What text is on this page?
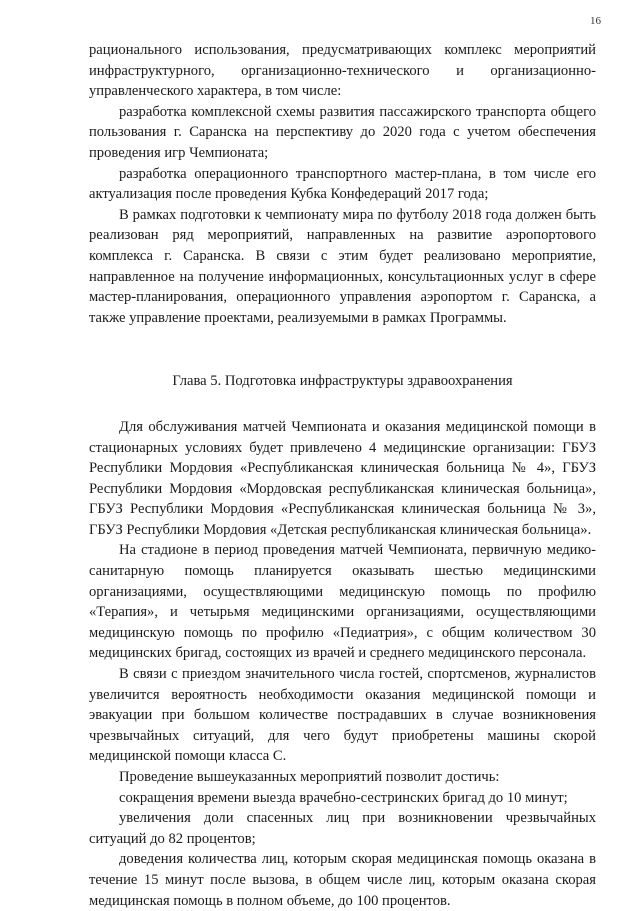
16

рационального использования, предусматривающих комплекс мероприятий инфраструктурного, организационно-технического и организационно-управленческого характера, в том числе:

разработка комплексной схемы развития пассажирского транспорта общего пользования г. Саранска на перспективу до 2020 года с учетом обеспечения проведения игр Чемпионата;

разработка операционного транспортного мастер-плана, в том числе его актуализация после проведения Кубка Конфедераций 2017 года;

В рамках подготовки к чемпионату мира по футболу 2018 года должен быть реализован ряд мероприятий, направленных на развитие аэропортового комплекса г. Саранска. В связи с этим будет реализовано мероприятие, направленное на получение информационных, консультационных услуг в сфере мастер-планирования, операционного управления аэропортом г. Саранска, а также управление проектами, реализуемыми в рамках Программы.

Глава 5. Подготовка инфраструктуры здравоохранения

Для обслуживания матчей Чемпионата и оказания медицинской помощи в стационарных условиях будет привлечено 4 медицинские организации: ГБУЗ Республики Мордовия «Республиканская клиническая больница № 4», ГБУЗ Республики Мордовия «Мордовская республиканская клиническая больница», ГБУЗ Республики Мордовия «Республиканская клиническая больница № 3», ГБУЗ Республики Мордовия «Детская республиканская клиническая больница».

На стадионе в период проведения матчей Чемпионата, первичную медико-санитарную помощь планируется оказывать шестью медицинскими организациями, осуществляющими медицинскую помощь по профилю «Терапия», и четырьмя медицинскими организациями, осуществляющими медицинскую помощь по профилю «Педиатрия», с общим количеством 30 медицинских бригад, состоящих из врачей и среднего медицинского персонала.

В связи с приездом значительного числа гостей, спортсменов, журналистов увеличится вероятность необходимости оказания медицинской помощи и эвакуации при большом количестве пострадавших в случае возникновения чрезвычайных ситуаций, для чего будут приобретены машины скорой медицинской помощи класса С.

Проведение вышеуказанных мероприятий позволит достичь:

сокращения времени выезда врачебно-сестринских бригад до 10 минут;

увеличения доли спасенных лиц при возникновении чрезвычайных ситуаций до 82 процентов;

доведения количества лиц, которым скорая медицинская помощь оказана в течение 15 минут после вызова, в общем числе лиц, которым оказана скорая медицинская помощь в полном объеме, до 100 процентов.
